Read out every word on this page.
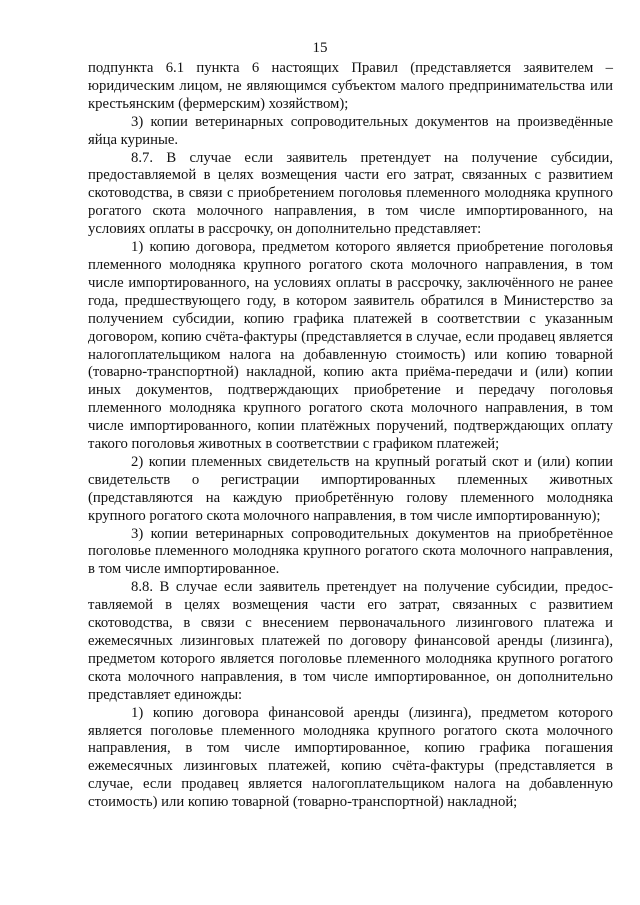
15

подпункта 6.1 пункта 6 настоящих Правил (представляется заявителем – юридическим лицом, не являющимся субъектом малого предпринимательства или крестьянским (фермерским) хозяйством);

3) копии ветеринарных сопроводительных документов на произведённые яйца куриные.

8.7. В случае если заявитель претендует на получение субсидии, предоставляемой в целях возмещения части его затрат, связанных с развитием скотоводства, в связи с приобретением поголовья племенного молодняка крупного рогатого скота молочного направления, в том числе импортированного, на условиях оплаты в рассрочку, он дополнительно представляет:

1) копию договора, предметом которого является приобретение поголовья племенного молодняка крупного рогатого скота молочного направления, в том числе импортированного, на условиях оплаты в рассрочку, заключённого не ранее года, предшествующего году, в котором заявитель обратился в Министерство за получением субсидии, копию графика платежей в соответствии с указанным договором, копию счёта-фактуры (представляется в случае, если продавец является налогоплательщиком налога на добавленную стоимость) или копию товарной (товарно-транспортной) накладной, копию акта приёма-передачи и (или) копии иных документов, подтверждающих приобретение и передачу поголовья племенного молодняка крупного рогатого скота молочного направления, в том числе импортированного, копии платёжных поручений, подтверждающих оплату такого поголовья животных в соответствии с графиком платежей;

2) копии племенных свидетельств на крупный рогатый скот и (или) копии свидетельств о регистрации импортированных племенных животных (представляются на каждую приобретённую голову племенного молодняка крупного рогатого скота молочного направления, в том числе импортированную);

3) копии ветеринарных сопроводительных документов на приобретённое поголовье племенного молодняка крупного рогатого скота молочного направления, в том числе импортированное.

8.8. В случае если заявитель претендует на получение субсидии, предоставляемой в целях возмещения части его затрат, связанных с развитием скотоводства, в связи с внесением первоначального лизингового платежа и ежемесячных лизинговых платежей по договору финансовой аренды (лизинга), предметом которого является поголовье племенного молодняка крупного рогатого скота молочного направления, в том числе импортированное, он дополнительно представляет единожды:

1) копию договора финансовой аренды (лизинга), предметом которого является поголовье племенного молодняка крупного рогатого скота молочного направления, в том числе импортированное, копию графика погашения ежемесячных лизинговых платежей, копию счёта-фактуры (представляется в случае, если продавец является налогоплательщиком налога на добавленную стоимость) или копию товарной (товарно-транспортной) накладной;
